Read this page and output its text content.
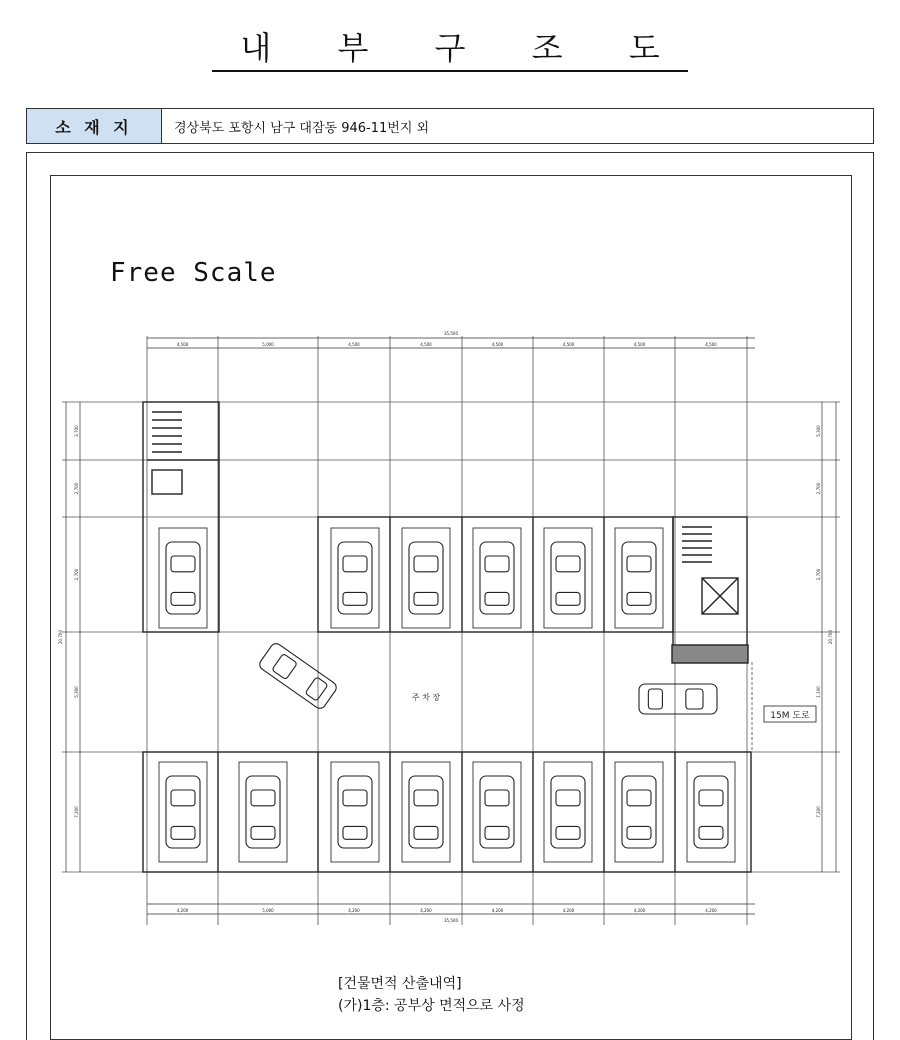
내 부 구 조 도
소 재 지	경상북도 포항시 남구 대잠동 946-11번지 외
Free Scale
35,500
4,500	5,000	4,500	4,500	4,500	4,500	4,500	4,500
4,200	5,000	4,200	4,200	4,200	4,200	4,200	4,200
35,500
20,700
2,700
2,700
2,700
5,300
7,200
20,700
5,300
2,700
2,700
1,100
7,200
주 차 장
15M 도로
[건물면적 산출내역]
(가)1층: 공부상 면적으로 사정
